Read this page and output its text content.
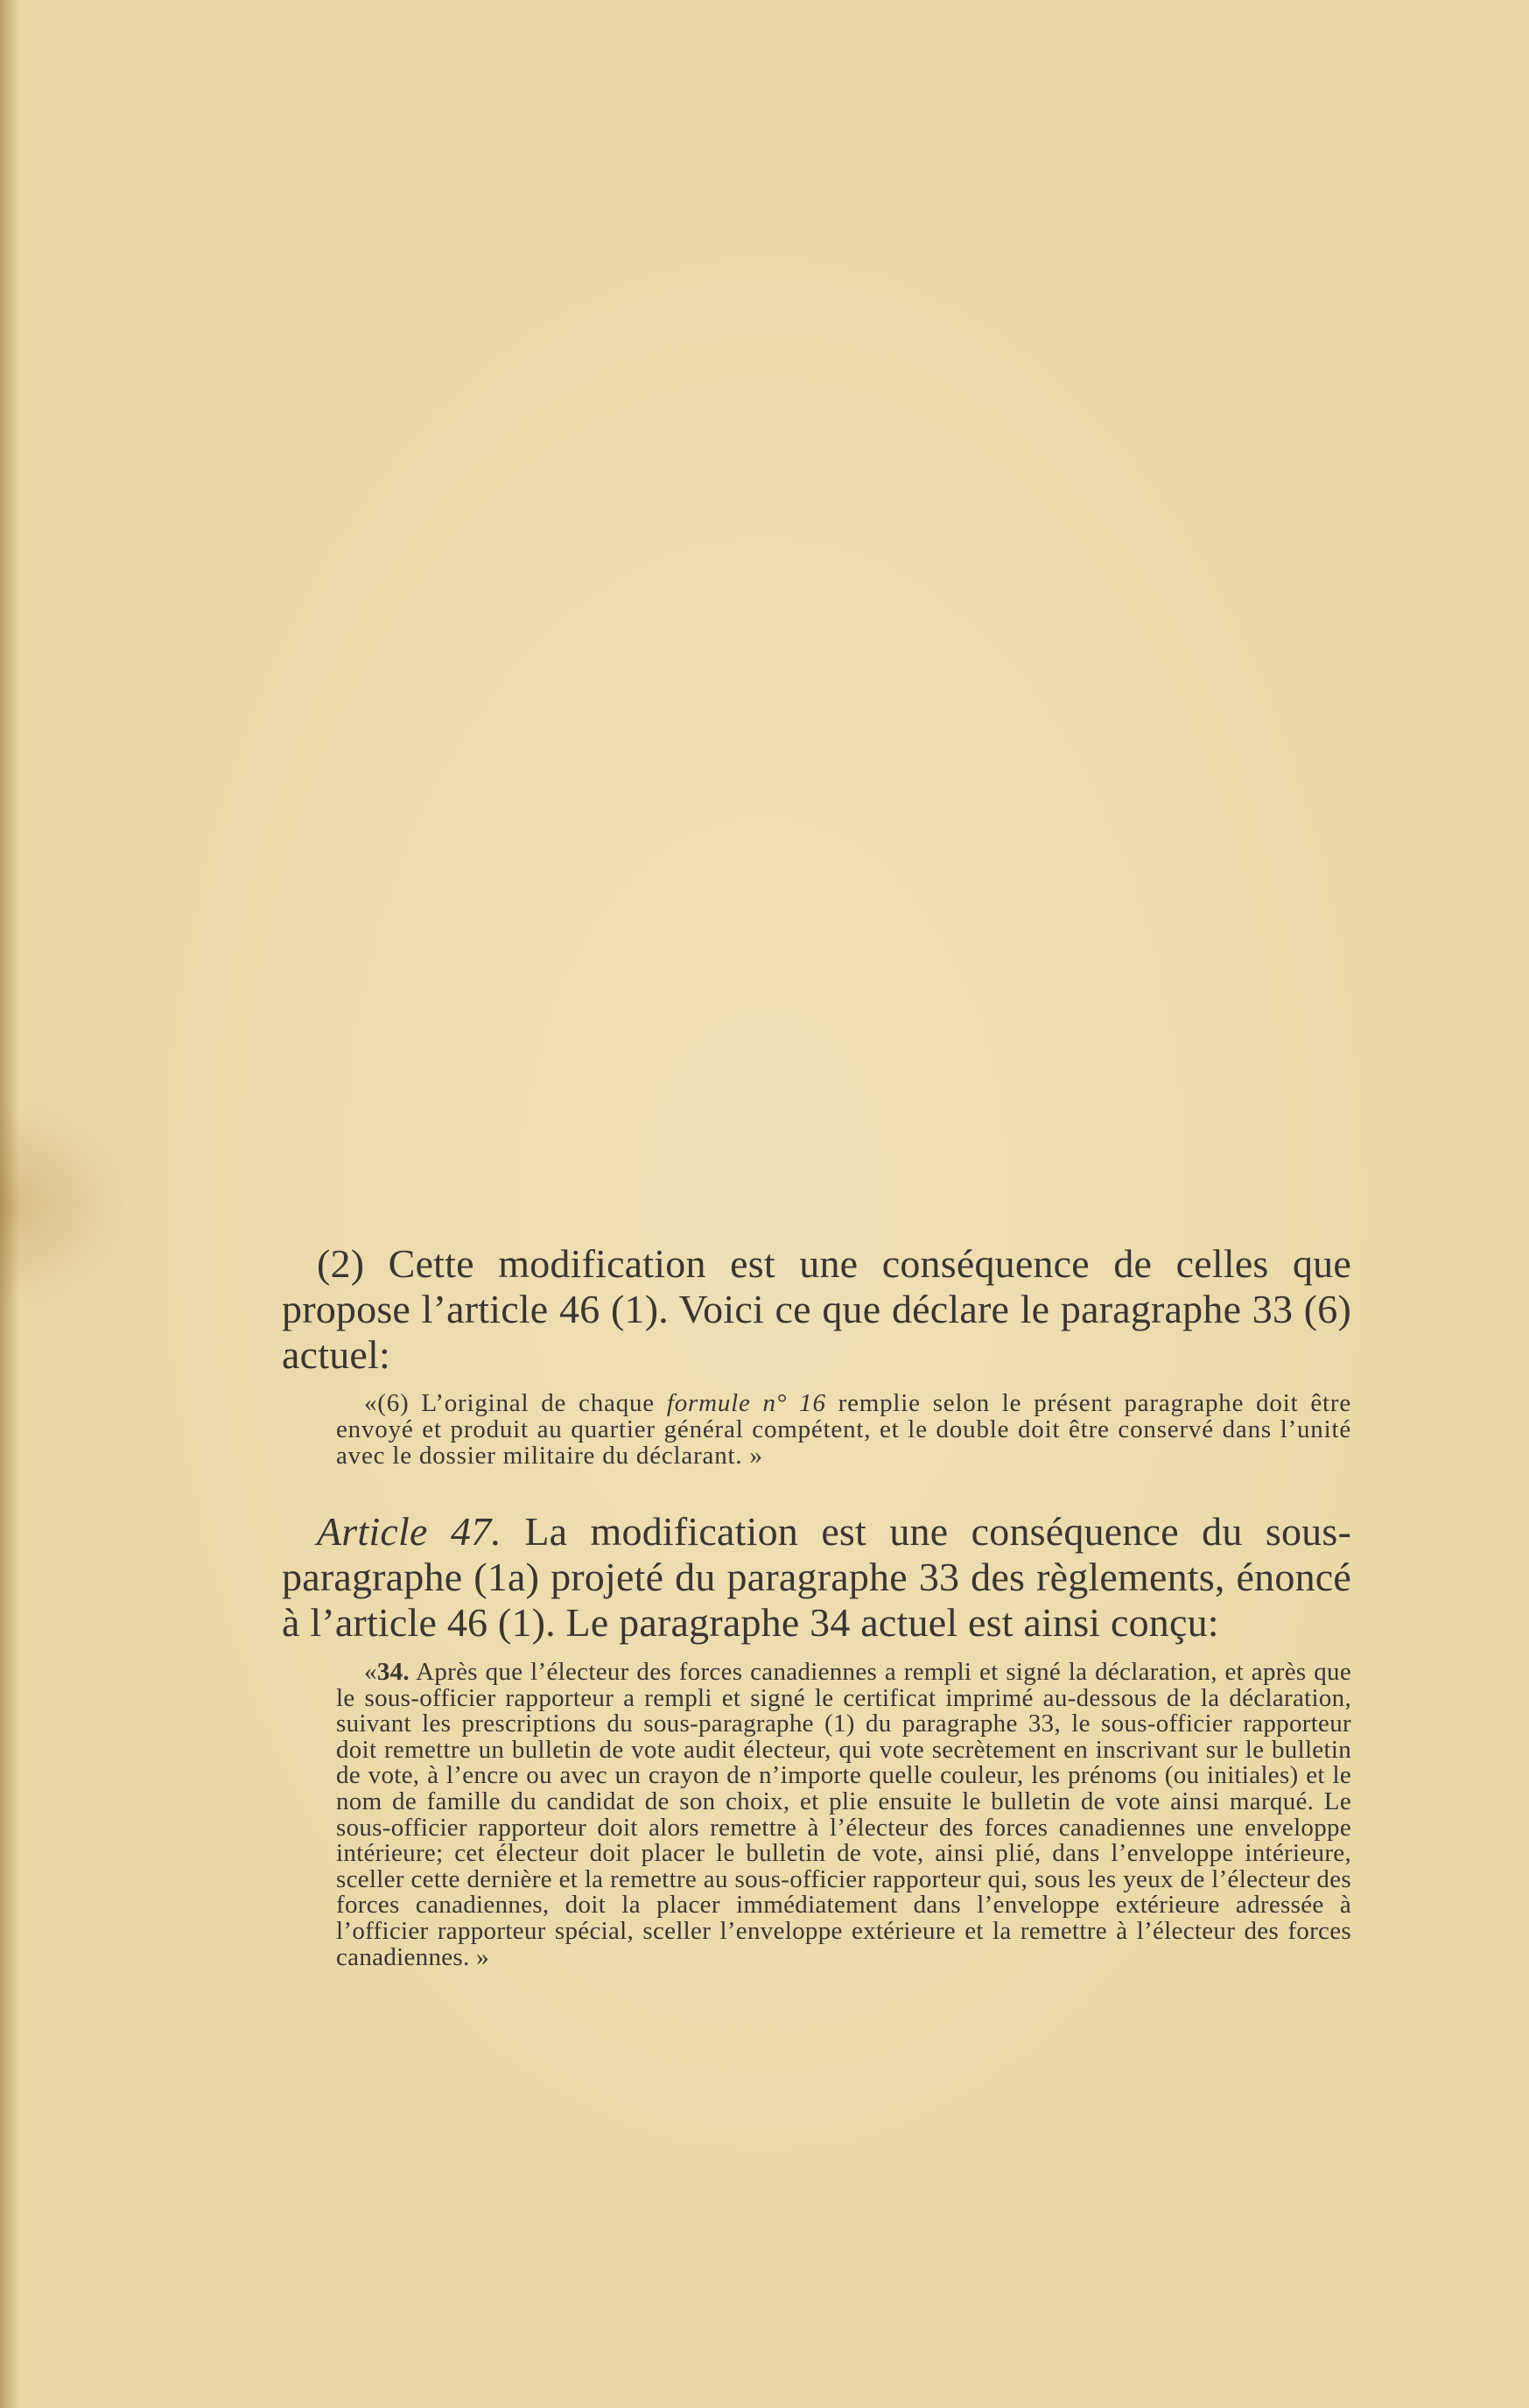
(2) Cette modification est une conséquence de celles que propose l’article 46 (1). Voici ce que déclare le paragraphe 33 (6) actuel:

«(6) L’original de chaque formule n° 16 remplie selon le présent paragraphe doit être envoyé et produit au quartier général compétent, et le double doit être conservé dans l’unité avec le dossier militaire du déclarant. »

Article 47. La modification est une conséquence du sous-paragraphe (1a) projeté du paragraphe 33 des règlements, énoncé à l’article 46 (1). Le paragraphe 34 actuel est ainsi conçu:

«34. Après que l’électeur des forces canadiennes a rempli et signé la déclaration, et après que le sous-officier rapporteur a rempli et signé le certificat imprimé au-dessous de la déclaration, suivant les prescriptions du sous-paragraphe (1) du paragraphe 33, le sous-officier rapporteur doit remettre un bulletin de vote audit électeur, qui vote secrètement en inscrivant sur le bulletin de vote, à l’encre ou avec un crayon de n’importe quelle couleur, les prénoms (ou initiales) et le nom de famille du candidat de son choix, et plie ensuite le bulletin de vote ainsi marqué. Le sous-officier rapporteur doit alors remettre à l’électeur des forces canadiennes une enveloppe intérieure; cet électeur doit placer le bulletin de vote, ainsi plié, dans l’enveloppe intérieure, sceller cette dernière et la remettre au sous-officier rapporteur qui, sous les yeux de l’électeur des forces canadiennes, doit la placer immédiatement dans l’enveloppe extérieure adressée à l’officier rapporteur spécial, sceller l’enveloppe extérieure et la remettre à l’électeur des forces canadiennes. »
